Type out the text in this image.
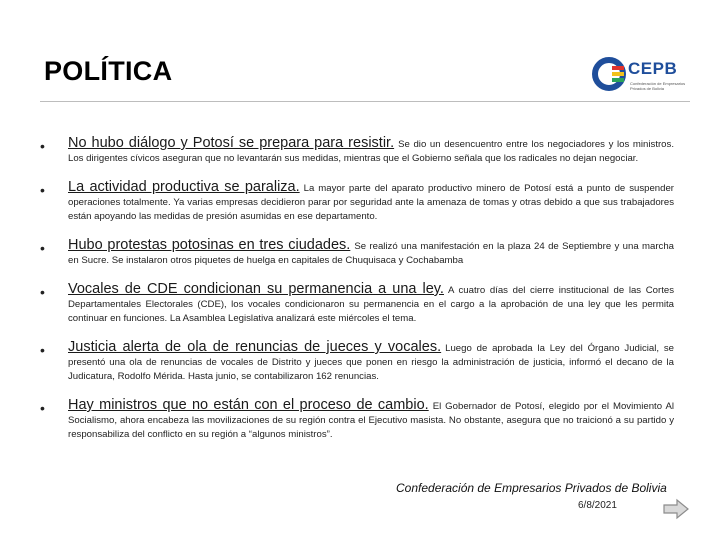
POLÍTICA	CEPB
Confederación de Empresarios Privados de Bolivia
• No hubo diálogo y Potosí se prepara para resistir. Se dio un desencuentro entre los negociadores y los ministros. Los dirigentes cívicos aseguran que no levantarán sus medidas, mientras que el Gobierno señala que los radicales no dejan negociar.
• La actividad productiva se paraliza. La mayor parte del aparato productivo minero de Potosí está a punto de suspender operaciones totalmente. Ya varias empresas decidieron parar por seguridad ante la amenaza de tomas y otras debido a que sus trabajadores están apoyando las medidas de presión asumidas en ese departamento.
• Hubo protestas potosinas en tres ciudades. Se realizó una manifestación en la plaza 24 de Septiembre y una marcha en Sucre. Se instalaron otros piquetes de huelga en capitales de Chuquisaca y Cochabamba
• Vocales de CDE condicionan su permanencia a una ley. A cuatro días del cierre institucional de las Cortes Departamentales Electorales (CDE), los vocales condicionaron su permanencia en el cargo a la aprobación de una ley que les permita continuar en funciones. La Asamblea Legislativa analizará este miércoles el tema.
• Justicia alerta de ola de renuncias de jueces y vocales. Luego de aprobada la Ley del Órgano Judicial, se presentó una ola de renuncias de vocales de Distrito y jueces que ponen en riesgo la administración de justicia, informó el decano de la Judicatura, Rodolfo Mérida. Hasta junio, se contabilizaron 162 renuncias.
• Hay ministros que no están con el proceso de cambio. El Gobernador de Potosí, elegido por el Movimiento Al Socialismo, ahora encabeza las movilizaciones de su región contra el Ejecutivo masista. No obstante, asegura que no traicionó a su partido y responsabiliza del conflicto en su región a “algunos ministros”.
Confederación de Empresarios Privados de Bolivia
6/8/2021
